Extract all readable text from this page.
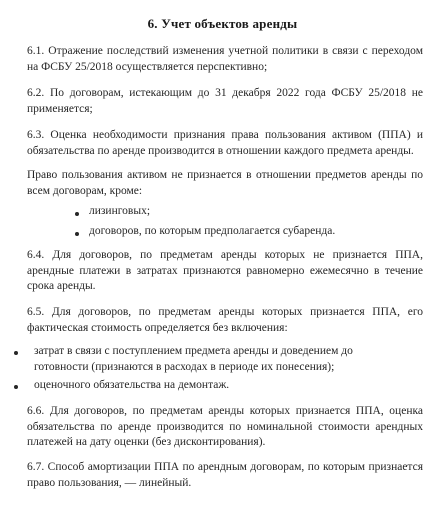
6. Учет объектов аренды
6.1. Отражение последствий изменения учетной политики в связи с переходом на ФСБУ 25/2018 осуществляется перспективно;
6.2. По договорам, истекающим до 31 декабря 2022 года ФСБУ 25/2018 не применяется;
6.3. Оценка необходимости признания права пользования активом (ППА) и обязательства по аренде производится в отношении каждого предмета аренды.
Право пользования активом не признается в отношении предметов аренды по всем договорам, кроме:
лизинговых;
договоров, по которым предполагается субаренда.
6.4. Для договоров, по предметам аренды которых не признается ППА, арендные платежи в затратах признаются равномерно ежемесячно в течение срока аренды.
6.5. Для договоров, по предметам аренды которых признается ППА, его фактическая стоимость определяется без включения:
затрат в связи с поступлением предмета аренды и доведением до готовности (признаются в расходах в периоде их понесения);
оценочного обязательства на демонтаж.
6.6. Для договоров, по предметам аренды которых признается ППА, оценка обязательства по аренде производится по номинальной стоимости арендных платежей на дату оценки (без дисконтирования).
6.7. Способ амортизации ППА по арендным договорам, по которым признается право пользования, — линейный.
